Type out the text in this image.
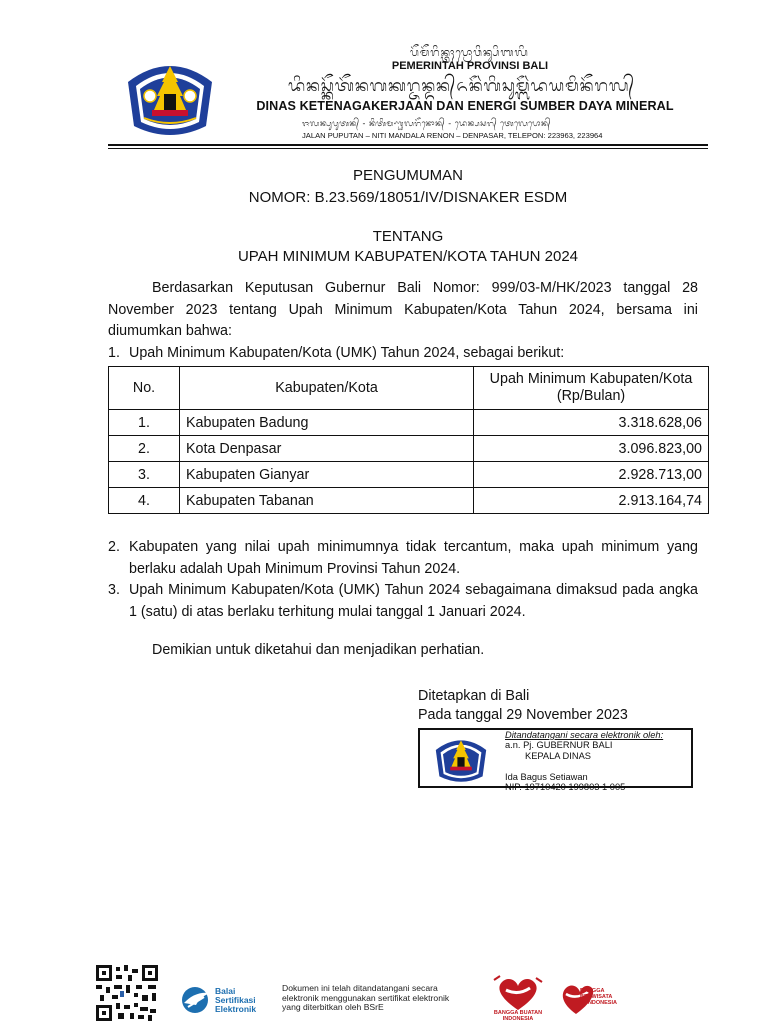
ᬧᭂᬫᭂᬭᬶᬦ᭄ᬢᬄᬧ᭄ᬭᭀᬯᬶᬦ᭄ᬲᬶᬩᬮᬶ
PEMERINTAH PROVINSI BALI
ᬤᬶᬦᬲ᭄ᬓᭂᬢᭂᬦᬕᬓᬭ᭄ᬚᬦ᭄ᬤᬦ᭄ᬏᬦᭂᬃᬕᬶᬲᬸᬫ᭄ᬩᭂᬃᬤᬬᬫᬶᬦᭂᬭᬮ᭄
DINAS KETENAGAKERJAAN DAN ENERGI SUMBER DAYA MINERAL
ᬚᬮᬦ᭄ᬧᬸᬧᬸᬢᬦ᭄ - ᬦᬶᬢᬶᬫᬡ᭄ᬟᬮᬭᭂᬦᭀᬦ᭄ - ᬤᬾᬦ᭄ᬧᬲᬭ᭄ ᬢᬾᬮᬾᬧᭀᬦ᭄
JALAN PUPUTAN – NITI MANDALA RENON – DENPASAR, TELEPON: 223963, 223964
PENGUMUMAN
NOMOR: B.23.569/18051/IV/DISNAKER ESDM
TENTANG
UPAH MINIMUM KABUPATEN/KOTA TAHUN 2024
Berdasarkan Keputusan Gubernur Bali Nomor: 999/03-M/HK/2023 tanggal 28 November 2023 tentang Upah Minimum Kabupaten/Kota Tahun 2024, bersama ini diumumkan bahwa:
1. Upah Minimum Kabupaten/Kota (UMK) Tahun 2024, sebagai berikut:
No.	Kabupaten/Kota	Upah Minimum Kabupaten/Kota
(Rp/Bulan)
1.	Kabupaten Badung	3.318.628,06
2.	Kota Denpasar	3.096.823,00
3.	Kabupaten Gianyar	2.928.713,00
4.	Kabupaten Tabanan	2.913.164,74
2. Kabupaten yang nilai upah minimumnya tidak tercantum, maka upah minimum yang berlaku adalah Upah Minimum Provinsi Tahun 2024.
3. Upah Minimum Kabupaten/Kota (UMK) Tahun 2024 sebagaimana dimaksud pada angka 1 (satu) di atas berlaku terhitung mulai tanggal 1 Januari 2024.
Demikian untuk diketahui dan menjadikan perhatian.
Ditetapkan di Bali
Pada tanggal 29 November 2023
Ditandatangani secara elektronik oleh:
a.n. Pj. GUBERNUR BALI
KEPALA DINAS
Ida Bagus Setiawan
NIP. 19710420 199803 1 005
Balai
Sertifikasi
Elektronik
Dokumen ini telah ditandatangani secara
elektronik menggunakan sertifikat elektronik
yang diterbitkan oleh BSrE
BANGGA BUATAN
INDONESIA
BANGGA
BERWISATA
di INDONESIA
